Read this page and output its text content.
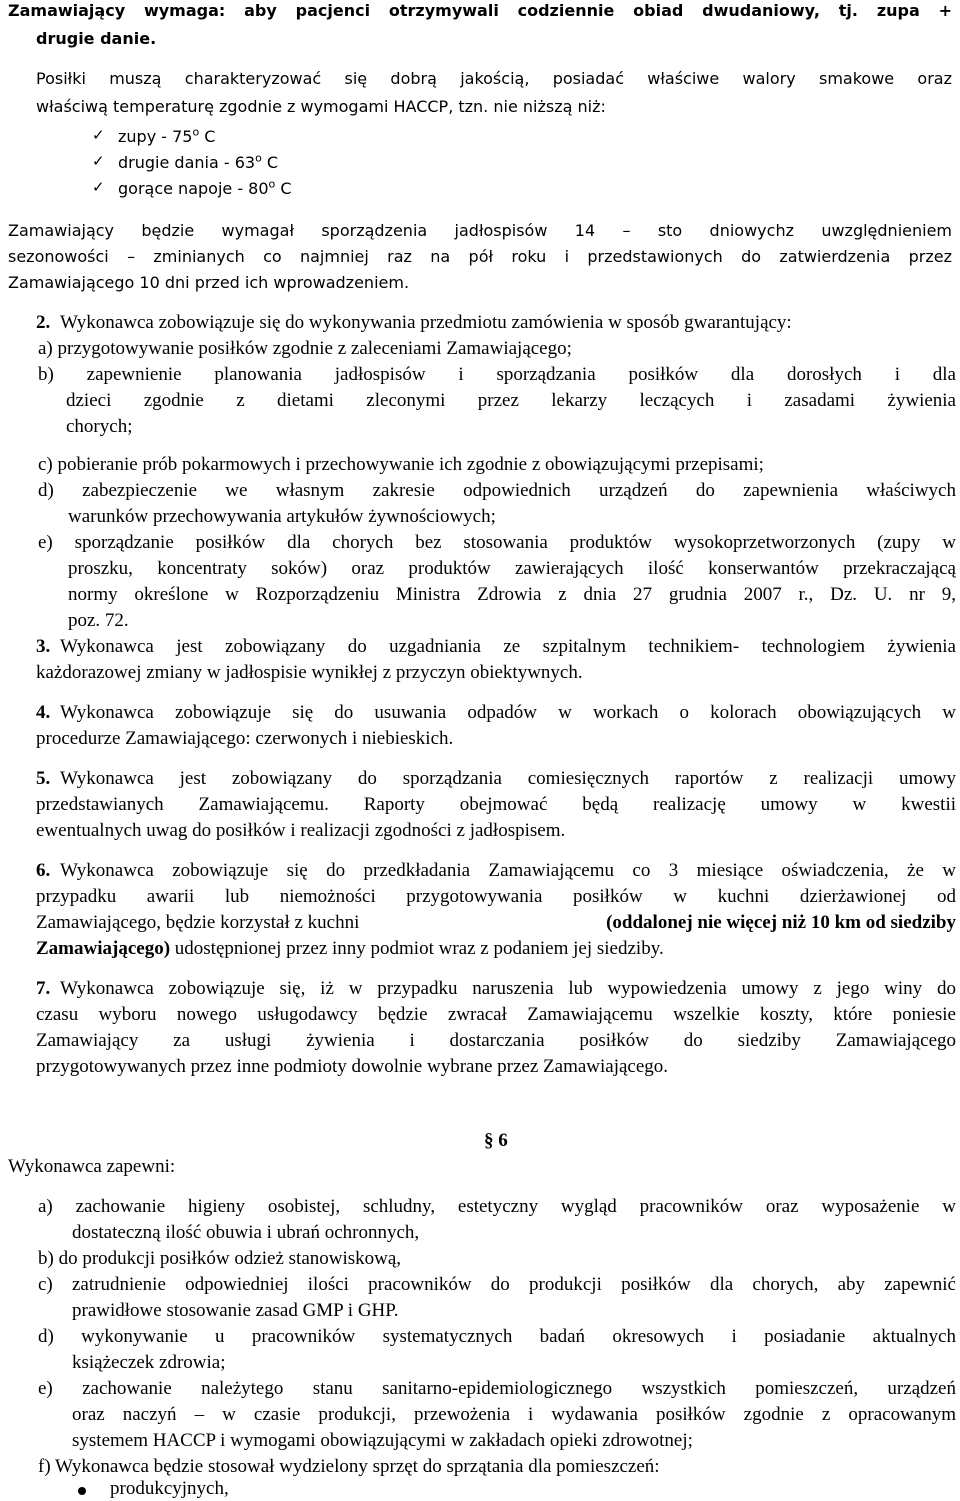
Zamawiający wymaga: aby pacjenci otrzymywali codziennie obiad dwudaniowy, tj. zupa +
drugie danie.
Posiłki muszą charakteryzować się dobrą jakością, posiadać właściwe walory smakowe oraz
właściwą temperaturę zgodnie z wymogami HACCP, tzn. nie niższą niż:
✓ zupy - 75$^o$ C
✓ drugie dania - 63$^o$ C
✓ gorące napoje - 80$^o$ C
Zamawiający będzie wymagał sporządzenia jadłospisów 14 – sto dniowychz uwzględnieniem
sezonowości – zminianych co najmniej raz na pół roku i przedstawionych do zatwierdzenia przez
Zamawiającego 10 dni przed ich wprowadzeniem.
2. Wykonawca zobowiązuje się do wykonywania przedmiotu zamówienia w sposób gwarantujący:
a) przygotowywanie posiłków zgodnie z zaleceniami Zamawiającego;
b) zapewnienie planowania jadłospisów i sporządzania posiłków dla dorosłych i dla
dzieci zgodnie z dietami zleconymi przez lekarzy leczących i zasadami żywienia
chorych;
c) pobieranie prób pokarmowych i przechowywanie ich zgodnie z obowiązującymi przepisami;
d) zabezpieczenie we własnym zakresie odpowiednich urządzeń do zapewnienia właściwych
warunków przechowywania artykułów żywnościowych;
e) sporządzanie posiłków dla chorych bez stosowania produktów wysokoprzetworzonych (zupy w
proszku, koncentraty soków) oraz produktów zawierających ilość konserwantów przekraczającą
normy określone w Rozporządzeniu Ministra Zdrowia z dnia 27 grudnia 2007 r., Dz. U. nr 9,
poz. 72.
3. Wykonawca jest zobowiązany do uzgadniania ze szpitalnym technikiem- technologiem żywienia
każdorazowej zmiany w jadłospisie wynikłej z przyczyn obiektywnych.
4. Wykonawca zobowiązuje się do usuwania odpadów w workach o kolorach obowiązujących w
procedurze Zamawiającego: czerwonych i niebieskich.
5. Wykonawca jest zobowiązany do sporządzania comiesięcznych raportów z realizacji umowy
przedstawianych Zamawiającemu. Raporty obejmować będą realizację umowy w kwestii
ewentualnych uwag do posiłków i realizacji zgodności z jadłospisem.
6. Wykonawca zobowiązuje się do przedkładania Zamawiającemu co 3 miesiące oświadczenia, że w
przypadku awarii lub niemożności przygotowywania posiłków w kuchni dzierżawionej od
Zamawiającego, będzie korzystał z kuchni	(oddalonej nie więcej niż 10 km od siedziby
Zamawiającego) udostępnionej przez inny podmiot wraz z podaniem jej siedziby.
7. Wykonawca zobowiązuje się, iż w przypadku naruszenia lub wypowiedzenia umowy z jego winy do
czasu wyboru nowego usługodawcy będzie zwracał Zamawiającemu wszelkie koszty, które poniesie
Zamawiający za usługi żywienia i dostarczania posiłków do siedziby Zamawiającego
przygotowywanych przez inne podmioty dowolnie wybrane przez Zamawiającego.
§ 6
Wykonawca zapewni:
a) zachowanie higieny osobistej, schludny, estetyczny wygląd pracowników oraz wyposażenie w
dostateczną ilość obuwia i ubrań ochronnych,
b) do produkcji posiłków odzież stanowiskową,
c) zatrudnienie odpowiedniej ilości pracowników do produkcji posiłków dla chorych, aby zapewnić
prawidłowe stosowanie zasad GMP i GHP.
d) wykonywanie u pracowników systematycznych badań okresowych i posiadanie aktualnych
książeczek zdrowia;
e) zachowanie należytego stanu sanitarno-epidemiologicznego wszystkich pomieszczeń, urządzeń
oraz naczyń – w czasie produkcji, przewożenia i wydawania posiłków zgodnie z opracowanym
systemem HACCP i wymogami obowiązującymi w zakładach opieki zdrowotnej;
f) Wykonawca będzie stosował wydzielony sprzęt do sprzątania dla pomieszczeń:
produkcyjnych,
